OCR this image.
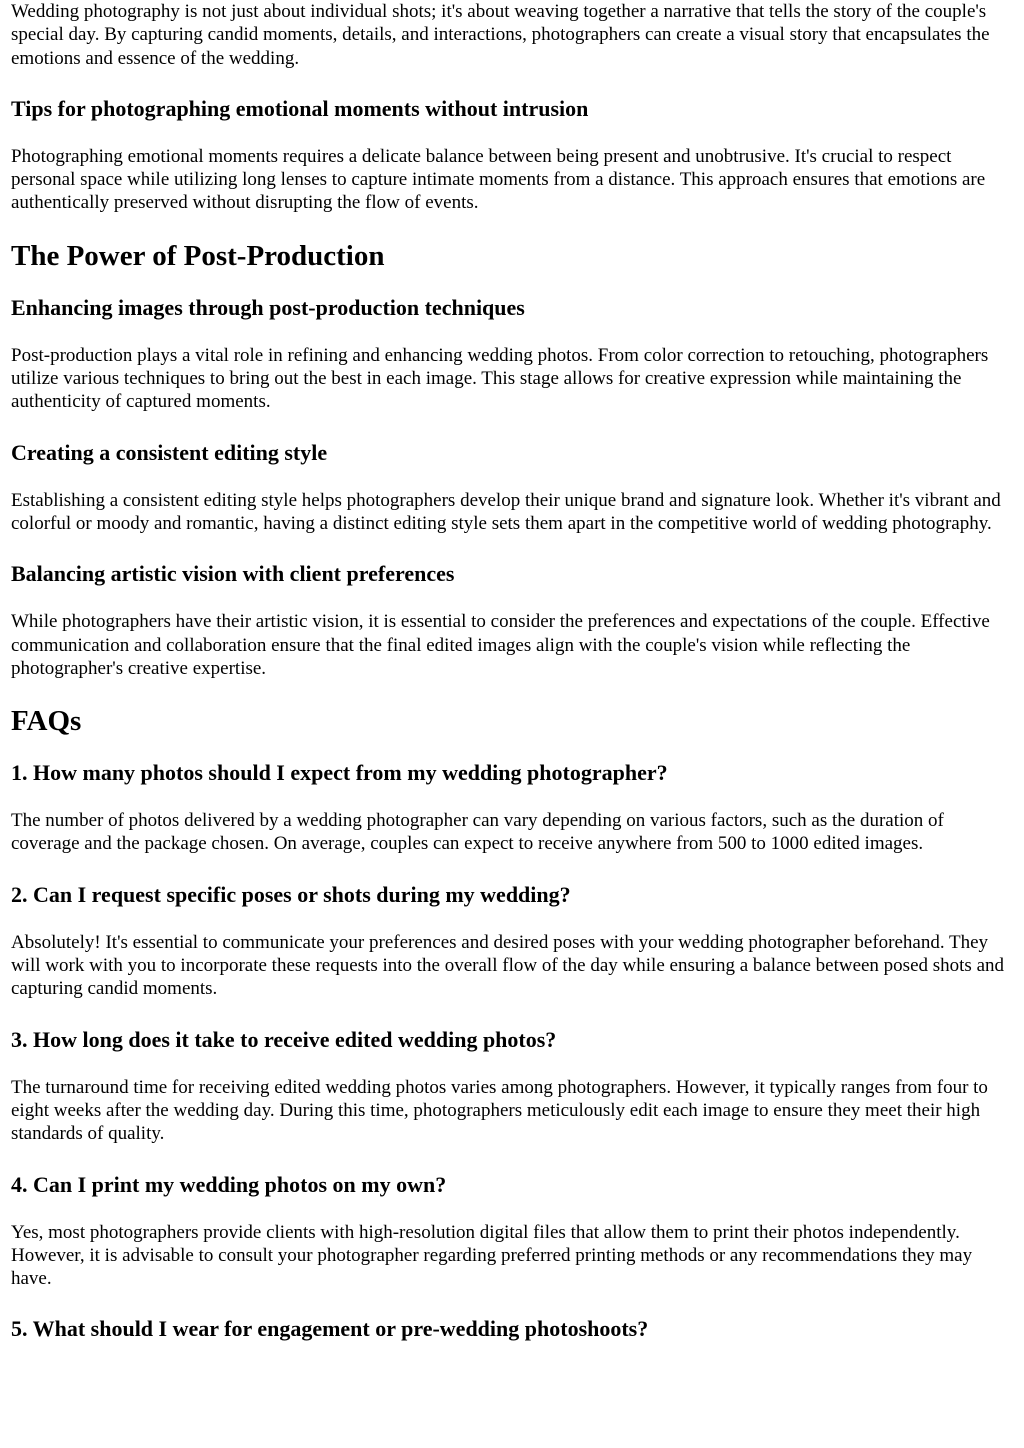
Wedding photography is not just about individual shots; it's about weaving together a narrative that tells the story of the couple's special day. By capturing candid moments, details, and interactions, photographers can create a visual story that encapsulates the emotions and essence of the wedding.

Tips for photographing emotional moments without intrusion

Photographing emotional moments requires a delicate balance between being present and unobtrusive. It's crucial to respect personal space while utilizing long lenses to capture intimate moments from a distance. This approach ensures that emotions are authentically preserved without disrupting the flow of events.

The Power of Post-Production
Enhancing images through post-production techniques

Post-production plays a vital role in refining and enhancing wedding photos. From color correction to retouching, photographers utilize various techniques to bring out the best in each image. This stage allows for creative expression while maintaining the authenticity of captured moments.

Creating a consistent editing style

Establishing a consistent editing style helps photographers develop their unique brand and signature look. Whether it's vibrant and colorful or moody and romantic, having a distinct editing style sets them apart in the competitive world of wedding photography.

Balancing artistic vision with client preferences

While photographers have their artistic vision, it is essential to consider the preferences and expectations of the couple. Effective communication and collaboration ensure that the final edited images align with the couple's vision while reflecting the photographer's creative expertise.

FAQs
1. How many photos should I expect from my wedding photographer?

The number of photos delivered by a wedding photographer can vary depending on various factors, such as the duration of coverage and the package chosen. On average, couples can expect to receive anywhere from 500 to 1000 edited images.

2. Can I request specific poses or shots during my wedding?

Absolutely! It's essential to communicate your preferences and desired poses with your wedding photographer beforehand. They will work with you to incorporate these requests into the overall flow of the day while ensuring a balance between posed shots and capturing candid moments.

3. How long does it take to receive edited wedding photos?

The turnaround time for receiving edited wedding photos varies among photographers. However, it typically ranges from four to eight weeks after the wedding day. During this time, photographers meticulously edit each image to ensure they meet their high standards of quality.

4. Can I print my wedding photos on my own?

Yes, most photographers provide clients with high-resolution digital files that allow them to print their photos independently. However, it is advisable to consult your photographer regarding preferred printing methods or any recommendations they may have.

5. What should I wear for engagement or pre-wedding photoshoots?
